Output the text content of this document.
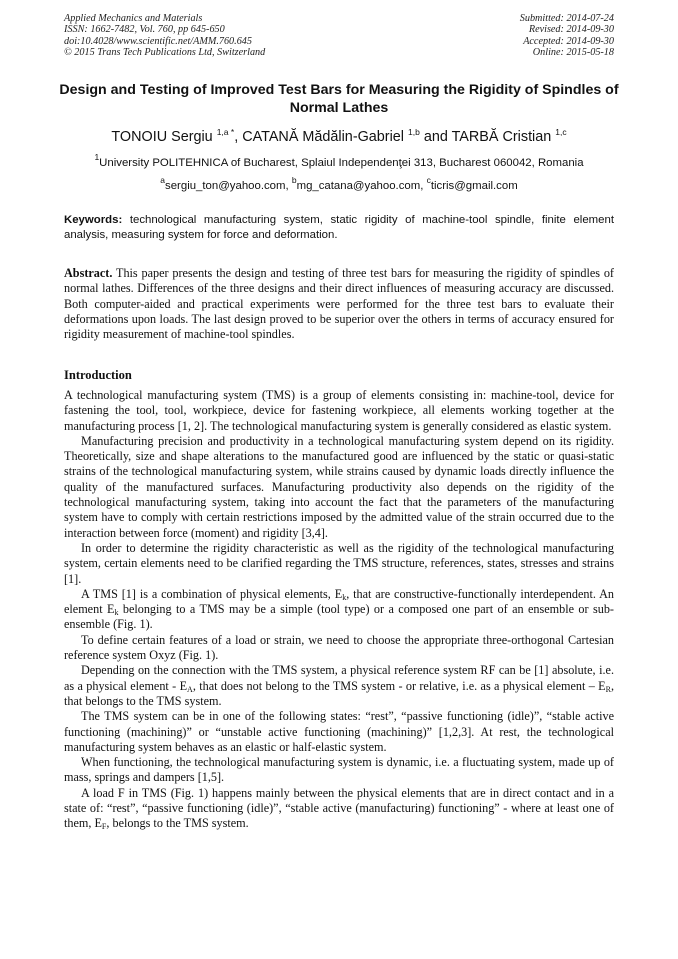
Applied Mechanics and Materials
ISSN: 1662-7482, Vol. 760, pp 645-650
doi:10.4028/www.scientific.net/AMM.760.645
© 2015 Trans Tech Publications Ltd, Switzerland
Submitted: 2014-07-24
Revised: 2014-09-30
Accepted: 2014-09-30
Online: 2015-05-18
Design and Testing of Improved Test Bars for Measuring the Rigidity of Spindles of Normal Lathes
TONOIU Sergiu $^{1,a *}$, CATANĂ Mădălin-Gabriel $^{1,b}$ and TARBĂ Cristian $^{1,c}$
$^1$University POLITEHNICA of Bucharest, Splaiul Independenţei 313, Bucharest 060042, Romania
$^a$sergiu_ton@yahoo.com, $^b$mg_catana@yahoo.com, $^c$ticris@gmail.com
Keywords: technological manufacturing system, static rigidity of machine-tool spindle, finite element analysis, measuring system for force and deformation.

Abstract. This paper presents the design and testing of three test bars for measuring the rigidity of spindles of normal lathes. Differences of the three designs and their direct influences of measuring accuracy are discussed. Both computer-aided and practical experiments were performed for the three test bars to evaluate their deformations upon loads. The last design proved to be superior over the others in terms of accuracy ensured for rigidity measurement of machine-tool spindles.

Introduction

A technological manufacturing system (TMS) is a group of elements consisting in: machine-tool, device for fastening the tool, tool, workpiece, device for fastening workpiece, all elements working together at the manufacturing process [1, 2]. The technological manufacturing system is generally considered as elastic system.

Manufacturing precision and productivity in a technological manufacturing system depend on its rigidity. Theoretically, size and shape alterations to the manufactured good are influenced by the static or quasi-static strains of the technological manufacturing system, while strains caused by dynamic loads directly influence the quality of the manufactured surfaces. Manufacturing productivity also depends on the rigidity of the technological manufacturing system, taking into account the fact that the parameters of the manufacturing system have to comply with certain restrictions imposed by the admitted value of the strain occurred due to the interaction between force (moment) and rigidity [3,4].

In order to determine the rigidity characteristic as well as the rigidity of the technological manufacturing system, certain elements need to be clarified regarding the TMS structure, references, states, stresses and strains [1].

A TMS [1] is a combination of physical elements, $E_k$, that are constructive-functionally interdependent. An element $E_k$ belonging to a TMS may be a simple (tool type) or a composed one part of an ensemble or sub-ensemble (Fig. 1).

To define certain features of a load or strain, we need to choose the appropriate three-orthogonal Cartesian reference system Oxyz (Fig. 1).

Depending on the connection with the TMS system, a physical reference system RF can be [1] absolute, i.e. as a physical element - $E_A$, that does not belong to the TMS system - or relative, i.e. as a physical element – $E_R$, that belongs to the TMS system.

The TMS system can be in one of the following states: “rest”, “passive functioning (idle)”, “stable active functioning (machining)” or “unstable active functioning (machining)” [1,2,3]. At rest, the technological manufacturing system behaves as an elastic or half-elastic system.

When functioning, the technological manufacturing system is dynamic, i.e. a fluctuating system, made up of mass, springs and dampers [1,5].

A load F in TMS (Fig. 1) happens mainly between the physical elements that are in direct contact and in a state of: “rest”, “passive functioning (idle)”, “stable active (manufacturing) functioning” - where at least one of them, $E_F$, belongs to the TMS system.
